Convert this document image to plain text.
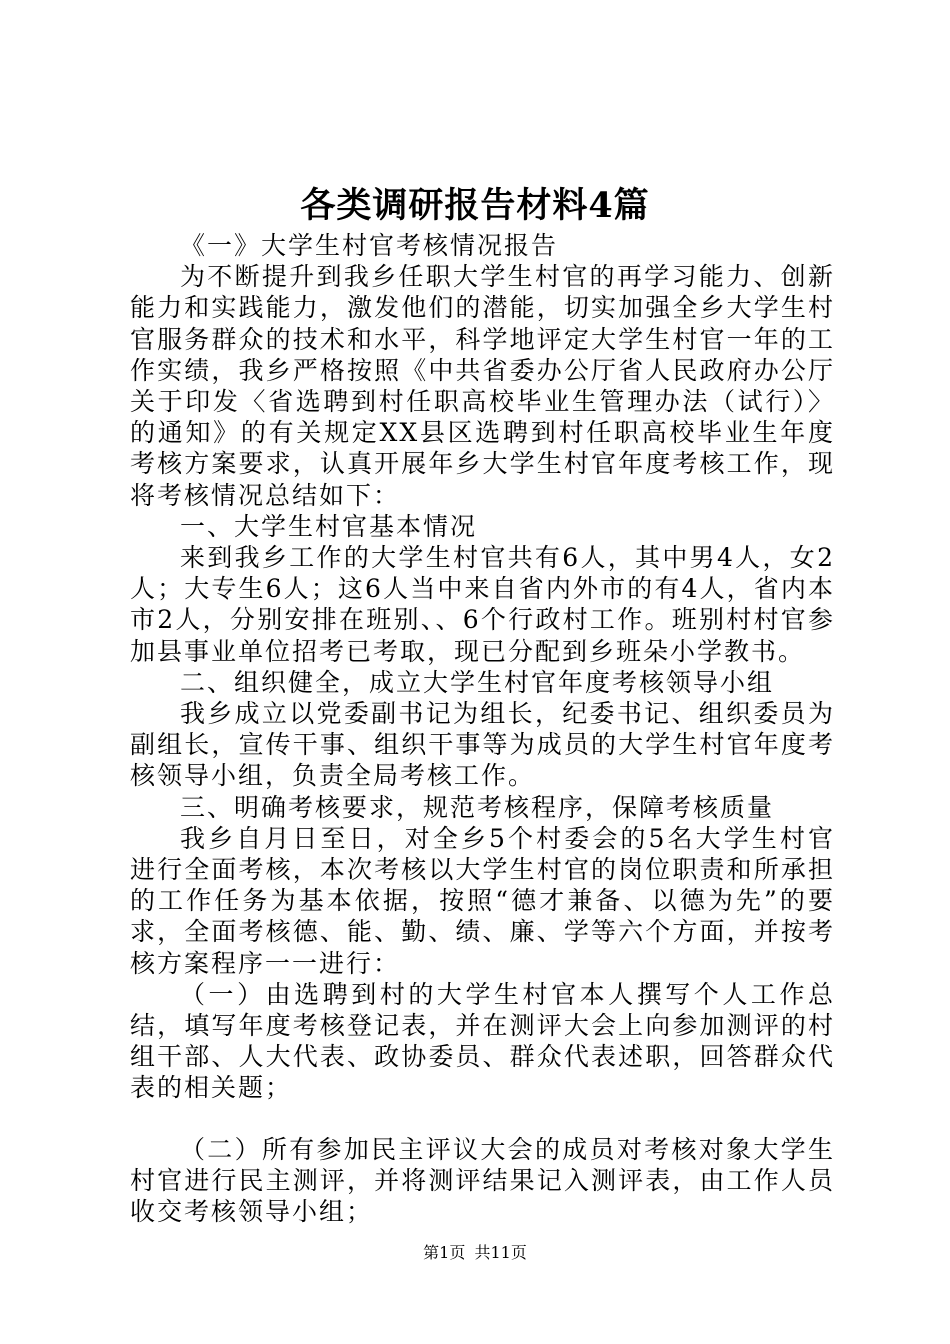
各类调研报告材料4篇

《一》大学生村官考核情况报告

为不断提升到我乡任职大学生村官的再学习能力、创新能力和实践能力，激发他们的潜能，切实加强全乡大学生村官服务群众的技术和水平，科学地评定大学生村官一年的工作实绩，我乡严格按照《中共省委办公厅省人民政府办公厅关于印发〈省选聘到村任职高校毕业生管理办法（试行）〉的通知》的有关规定XX县区选聘到村任职高校毕业生年度考核方案要求，认真开展年乡大学生村官年度考核工作，现将考核情况总结如下：

一、大学生村官基本情况

来到我乡工作的大学生村官共有6人，其中男4人，女2人；大专生6人；这6人当中来自省内外市的有4人，省内本市2人，分别安排在班别、、6个行政村工作。班别村村官参加县事业单位招考已考取，现已分配到乡班朵小学教书。

二、组织健全，成立大学生村官年度考核领导小组

我乡成立以党委副书记为组长，纪委书记、组织委员为副组长，宣传干事、组织干事等为成员的大学生村官年度考核领导小组，负责全局考核工作。

三、明确考核要求，规范考核程序，保障考核质量

我乡自月日至日，对全乡5个村委会的5名大学生村官进行全面考核，本次考核以大学生村官的岗位职责和所承担的工作任务为基本依据，按照“德才兼备、以德为先”的要求，全面考核德、能、勤、绩、廉、学等六个方面，并按考核方案程序一一进行：

（一）由选聘到村的大学生村官本人撰写个人工作总结，填写年度考核登记表，并在测评大会上向参加测评的村组干部、人大代表、政协委员、群众代表述职，回答群众代表的相关题；

（二）所有参加民主评议大会的成员对考核对象大学生村官进行民主测评，并将测评结果记入测评表，由工作人员收交考核领导小组；

第1页 共11页
